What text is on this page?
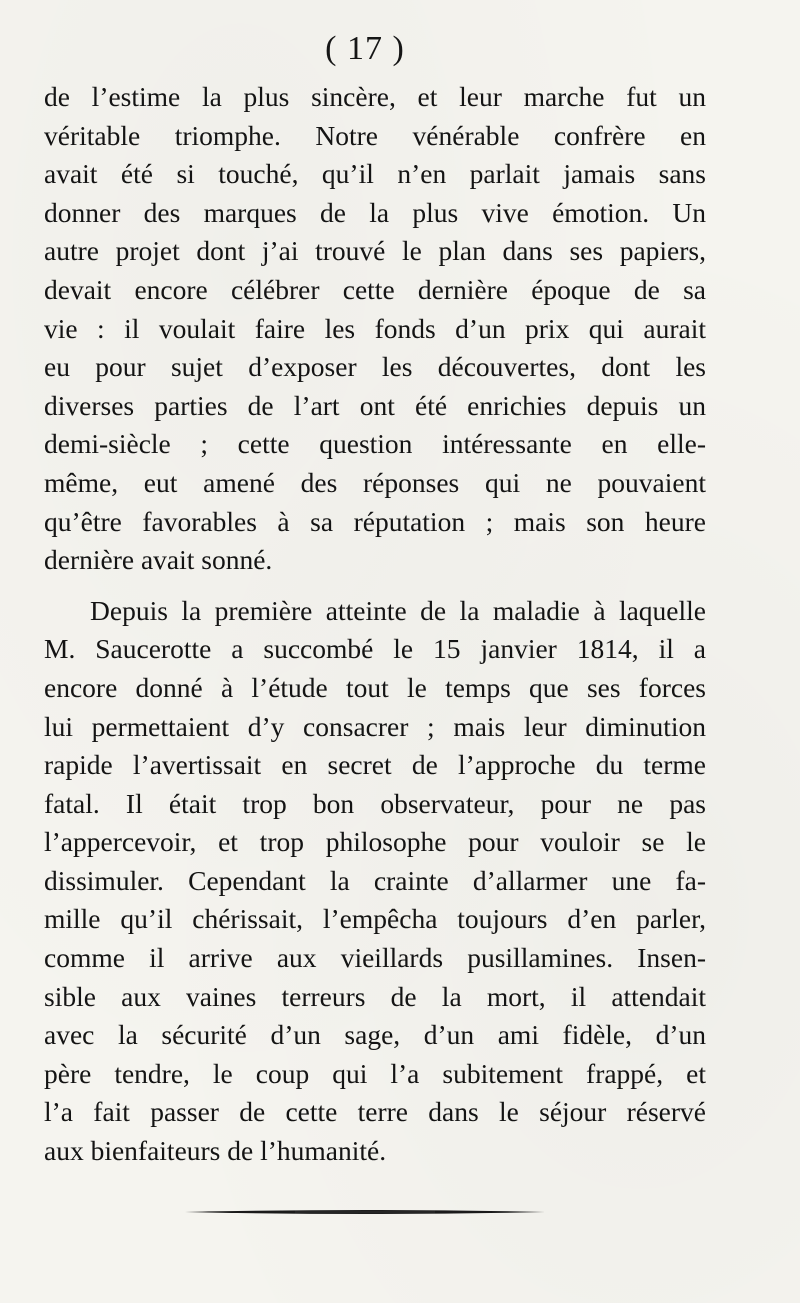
( 17 )
de l’estime la plus sincère, et leur marche fut un
véritable triomphe. Notre vénérable confrère en
avait été si touché, qu’il n’en parlait jamais sans
donner des marques de la plus vive émotion. Un
autre projet dont j’ai trouvé le plan dans ses papiers,
devait encore célébrer cette dernière époque de sa
vie : il voulait faire les fonds d’un prix qui aurait
eu pour sujet d’exposer les découvertes, dont les
diverses parties de l’art ont été enrichies depuis un
demi-siècle ; cette question intéressante en elle-
même, eut amené des réponses qui ne pouvaient
qu’être favorables à sa réputation ; mais son heure
dernière avait sonné.
Depuis la première atteinte de la maladie à laquelle
M. Saucerotte a succombé le 15 janvier 1814, il a
encore donné à l’étude tout le temps que ses forces
lui permettaient d’y consacrer ; mais leur diminution
rapide l’avertissait en secret de l’approche du terme
fatal. Il était trop bon observateur, pour ne pas
l’appercevoir, et trop philosophe pour vouloir se le
dissimuler. Cependant la crainte d’allarmer une fa-
mille qu’il chérissait, l’empêcha toujours d’en parler,
comme il arrive aux vieillards pusillamines. Insen-
sible aux vaines terreurs de la mort, il attendait
avec la sécurité d’un sage, d’un ami fidèle, d’un
père tendre, le coup qui l’a subitement frappé, et
l’a fait passer de cette terre dans le séjour réservé
aux bienfaiteurs de l’humanité.
